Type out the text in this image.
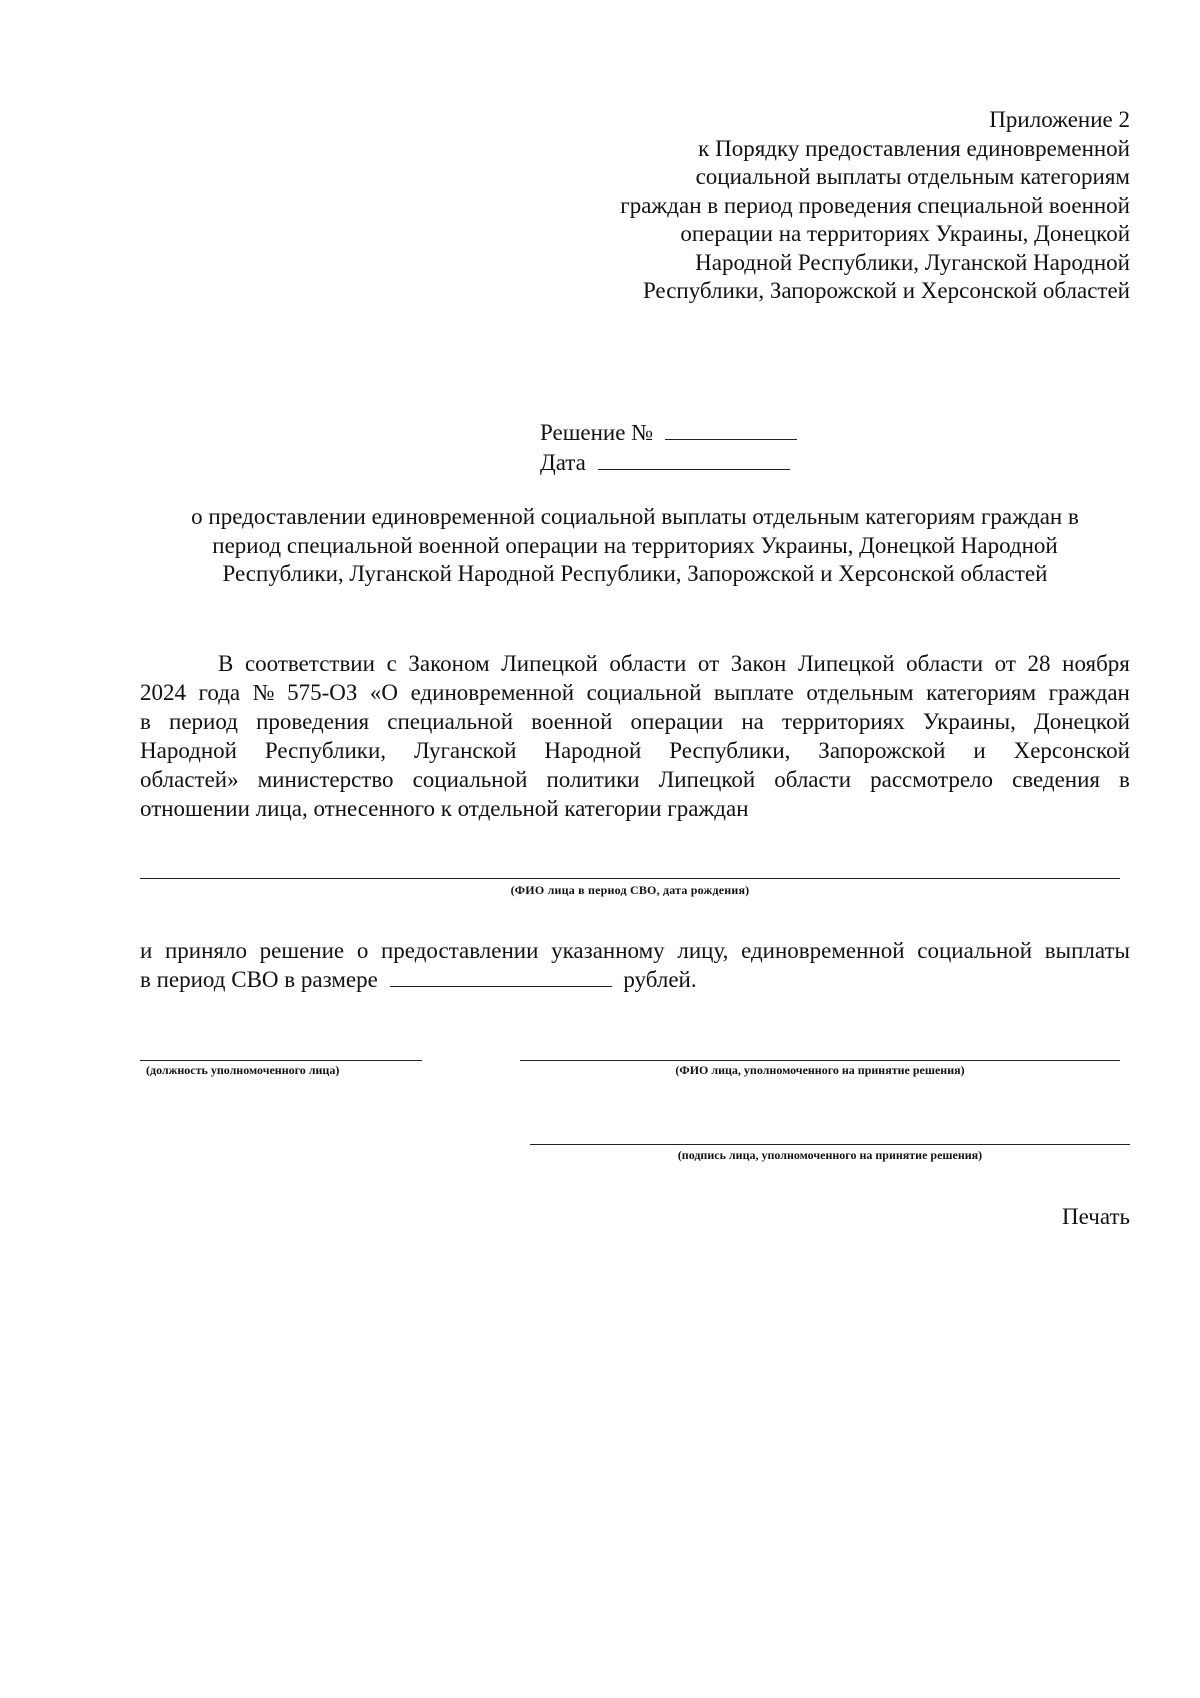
Приложение 2
к Порядку предоставления единовременной
социальной выплаты отдельным категориям
граждан в период проведения специальной военной
операции на территориях Украины, Донецкой
Народной Республики, Луганской Народной
Республики, Запорожской и Херсонской областей
Решение №
Дата
о предоставлении единовременной социальной выплаты отдельным категориям граждан в
период специальной военной операции на территориях Украины, Донецкой Народной
Республики, Луганской Народной Республики, Запорожской и Херсонской областей
В соответствии с Законом Липецкой области от Закон Липецкой области от 28 ноября
2024 года № 575-ОЗ «О единовременной социальной выплате отдельным категориям граждан
в период проведения специальной военной операции на территориях Украины, Донецкой
Народной Республики, Луганской Народной Республики, Запорожской и Херсонской
областей» министерство социальной политики Липецкой области рассмотрело сведения в
отношении лица, отнесенного к отдельной категории граждан
(ФИО лица в период СВО, дата рождения)
и приняло решение о предоставлении указанному лицу, единовременной социальной выплаты
в период СВО в размере	рублей.
(должность уполномоченного лица)	(ФИО лица, уполномоченного на принятие решения)
(подпись лица, уполномоченного на принятие решения)
Печать
